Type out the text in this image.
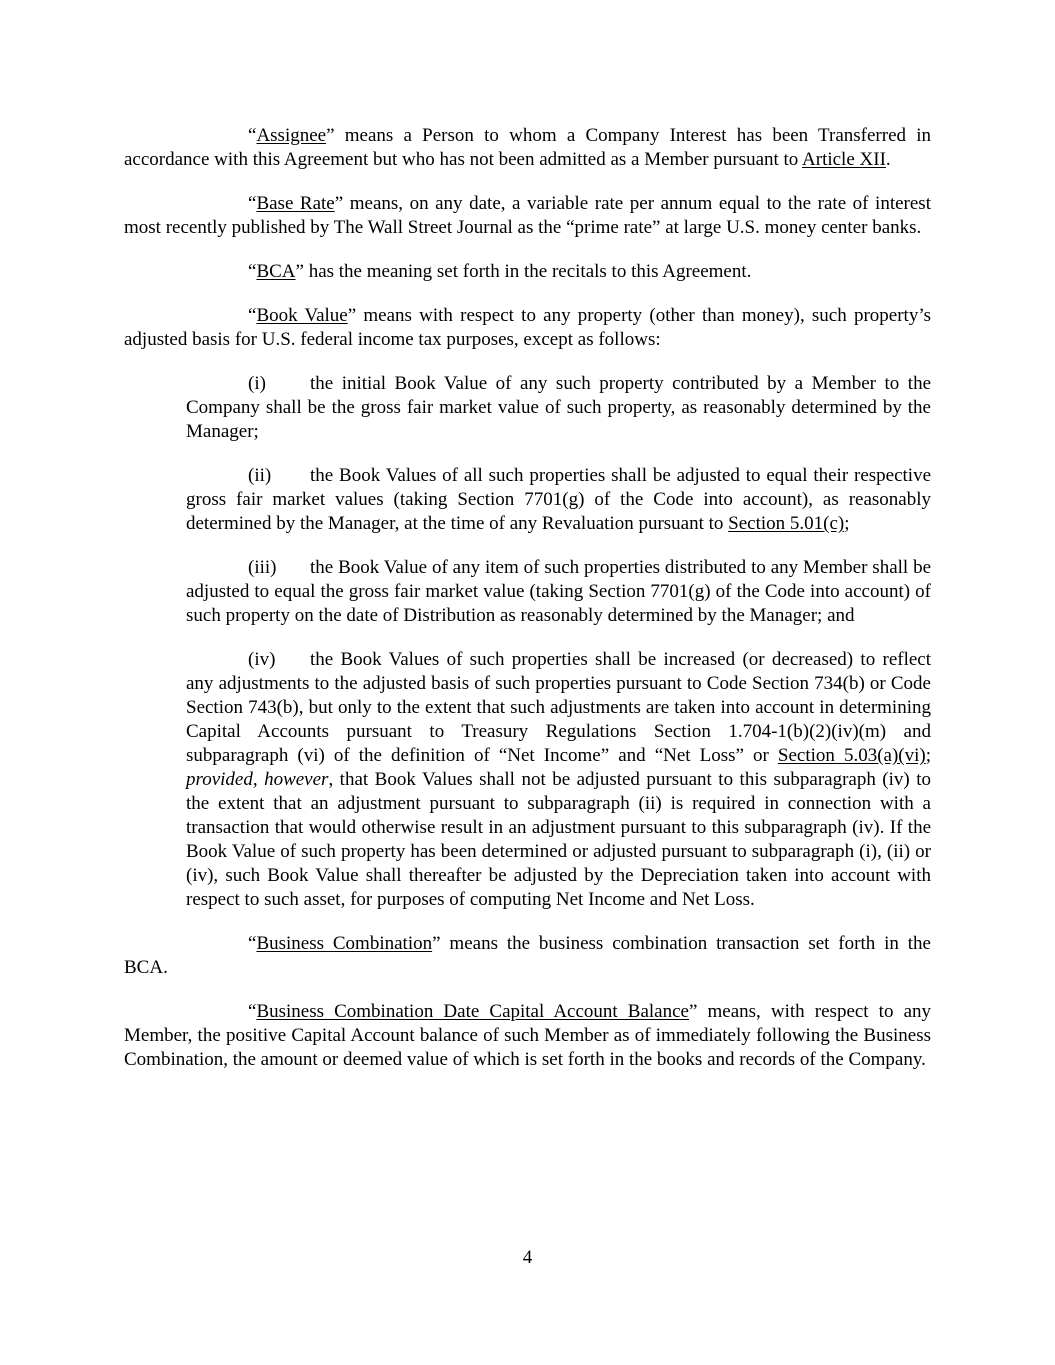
“Assignee” means a Person to whom a Company Interest has been Transferred in accordance with this Agreement but who has not been admitted as a Member pursuant to Article XII.

“Base Rate” means, on any date, a variable rate per annum equal to the rate of interest most recently published by The Wall Street Journal as the “prime rate” at large U.S. money center banks.

“BCA” has the meaning set forth in the recitals to this Agreement.

“Book Value” means with respect to any property (other than money), such property’s adjusted basis for U.S. federal income tax purposes, except as follows:

(i) the initial Book Value of any such property contributed by a Member to the Company shall be the gross fair market value of such property, as reasonably determined by the Manager;

(ii) the Book Values of all such properties shall be adjusted to equal their respective gross fair market values (taking Section 7701(g) of the Code into account), as reasonably determined by the Manager, at the time of any Revaluation pursuant to Section 5.01(c);

(iii) the Book Value of any item of such properties distributed to any Member shall be adjusted to equal the gross fair market value (taking Section 7701(g) of the Code into account) of such property on the date of Distribution as reasonably determined by the Manager; and

(iv) the Book Values of such properties shall be increased (or decreased) to reflect any adjustments to the adjusted basis of such properties pursuant to Code Section 734(b) or Code Section 743(b), but only to the extent that such adjustments are taken into account in determining Capital Accounts pursuant to Treasury Regulations Section 1.704-1(b)(2)(iv)(m) and subparagraph (vi) of the definition of “Net Income” and “Net Loss” or Section 5.03(a)(vi); provided, however, that Book Values shall not be adjusted pursuant to this subparagraph (iv) to the extent that an adjustment pursuant to subparagraph (ii) is required in connection with a transaction that would otherwise result in an adjustment pursuant to this subparagraph (iv). If the Book Value of such property has been determined or adjusted pursuant to subparagraph (i), (ii) or (iv), such Book Value shall thereafter be adjusted by the Depreciation taken into account with respect to such asset, for purposes of computing Net Income and Net Loss.

“Business Combination” means the business combination transaction set forth in the BCA.

“Business Combination Date Capital Account Balance” means, with respect to any Member, the positive Capital Account balance of such Member as of immediately following the Business Combination, the amount or deemed value of which is set forth in the books and records of the Company.

4
